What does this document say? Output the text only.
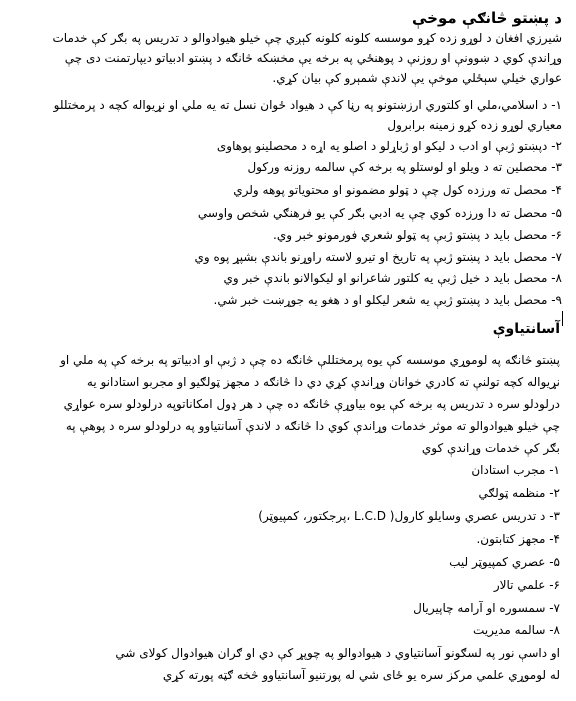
د پښتو څانګې موخې
شیرزي افغان د لوړو زده کړو موسسه کلونه کلونه کېږي چې خیلو هیوادوالو د تدریس په بګر کې خدمات
وړاندې کوي د ښوونې او روزنې د پوهنځي په برخه یې مخښکه څانګه د پښتو ادبیاتو دیپارتمنت دی چې
عواري خیلي سېځلي موخې یې لاندې شمېرو کې بیان کړي.
۱- د اسلامي،ملي او کلتوري ارزښتونو په رڼا کې د هیواد ځوان نسل ته یه ملي او نړیواله کچه د پرمختللو
معیاري لوړو زده کړو زمینه برابرول
۲- دپښتو ژبې او ادب د لیکو او ژباړلو د اصلو یه اړه د محصلینو پوهاوی
۳- محصلین ته د ویلو او لوستلو په برخه کې سالمه روزنه ورکول
۴- محصل ته ورزده کول چې د ټولو مضمونو او محتویاتو پوهه ولري
۵- محصل ته دا ورزده کوي چې یه ادبي بګر کې یو فرهنګي شخص واوسي
۶- محصل باید د پښتو ژبې په ټولو شعري فورمونو خبر وي.
۷- محصل باید د پښتو ژبې په تاریخ او تیرو لاسته راوړنو باندې بشپړ پوه وي
۸- محصل باید د خیل ژبې یه کلتور شاعرانو او لیکوالانو باندې خبر وي
۹- محصل باید د پښتو ژبې یه شعر لیکلو او د هغو یه جوړښت خبر شي.
آسانتیاوې
پښتو څانګه په لوموړي موسسه کې یوه پرمختللې څانګه ده چې د ژبې او ادبیاتو په برخه کې په ملي او
نړیواله کچه تولنې ته کادري خوانان وړاندې کړي دي دا څانګه د مجهز ټولګیو او مجربو استادانو یه
درلودلو سره د تدریس په برخه کې یوه بیاوړې څانګه ده چې د هر ډول امکاناتوپه درلودلو سره عواړي
چې خیلو هیوادوالو ته موثر خدمات وړاندې کوي دا څانګه د لاندې آسانتیاوو په درلودلو سره د پوهې په
بګر کې خدمات وړاندې کوي
۱- مجرب استادان
۲- منظمه ټولګي
۳- د تدریس عصري وسایلو کارول( L.C.D ،پرجکتور، کمپیوټر)
۴- مجهز کتابتون.
۵- عصري کمپیوټر لیب
۶- علمي تالار
۷- سمسوره او آرامه چاپیریال
۸- سالمه مدیریت
او داسې نور په لسګونو آسانتیاوي د هیوادوالو په چوپړ کې دي او ګران هیوادوال کولای شي
له لوموړي علمي مرکز سره یو ځای شي له پورتنیو آسانتیاوو څخه ګټه پورته کړي
